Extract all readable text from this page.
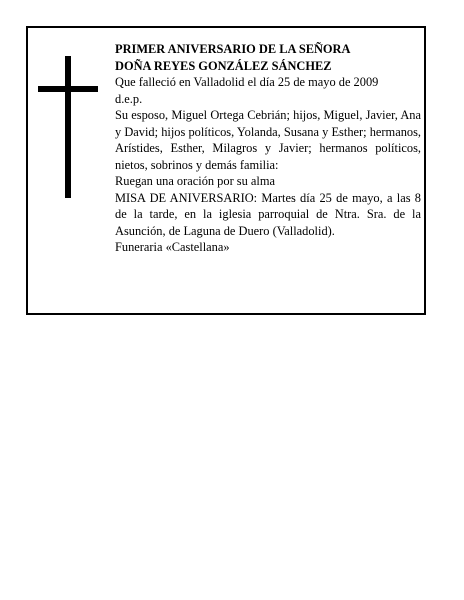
PRIMER ANIVERSARIO DE LA SEÑORA

DOÑA REYES GONZÁLEZ SÁNCHEZ

Que falleció en Valladolid el día 25 de mayo de 2009

d.e.p.

Su esposo, Miguel Ortega Cebrián; hijos, Miguel, Javier, Ana y David; hijos políticos, Yolanda, Susana y Esther; hermanos, Arístides, Esther, Milagros y Javier; hermanos políticos, nietos, sobrinos y demás familia:

Ruegan una oración por su alma

MISA DE ANIVERSARIO: Martes día 25 de mayo, a las 8 de la tarde, en la iglesia parroquial de Ntra. Sra. de la Asunción, de Laguna de Duero (Valladolid).

Funeraria «Castellana»
